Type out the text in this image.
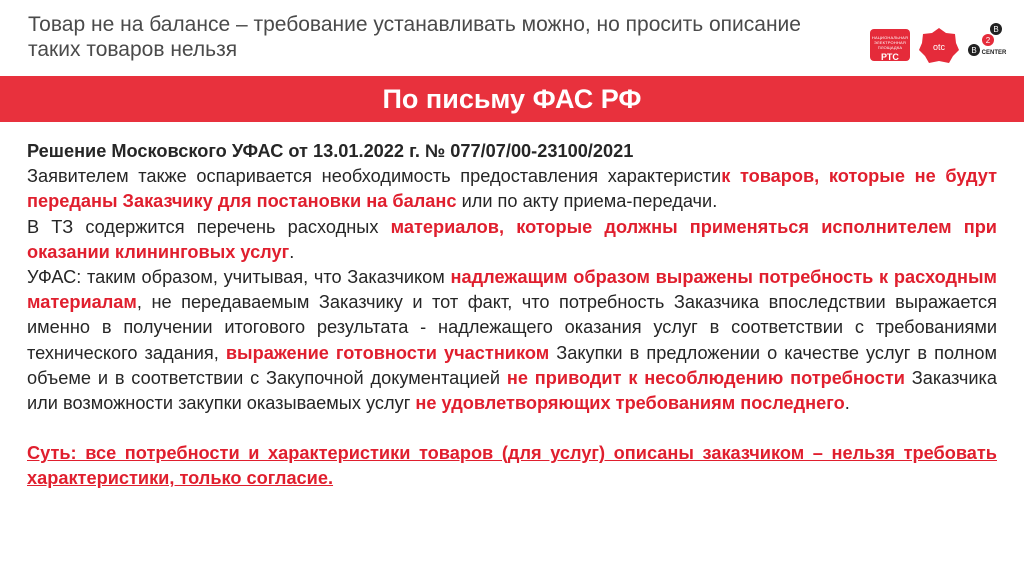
Товар не на балансе – требование устанавливать можно, но просить описание таких товаров нельзя
НАЦИОНАЛЬНАЯ ЭЛЕКТРОННАЯ ПЛОЩАДКА
РТС
otc
B
2
B CENTER
По письму ФАС РФ

Решение Московского УФАС от 13.01.2022 г. № 077/07/00-23100/2021

Заявителем также оспаривается необходимость предоставления характеристик товаров, которые не будут переданы Заказчику для постановки на баланс или по акту приема-передачи.

В ТЗ содержится перечень расходных материалов, которые должны применяться исполнителем при оказании клининговых услуг.

УФАС: таким образом, учитывая, что Заказчиком надлежащим образом выражены потребность к расходным материалам, не передаваемым Заказчику и тот факт, что потребность Заказчика впоследствии выражается именно в получении итогового результата - надлежащего оказания услуг в соответствии с требованиями технического задания, выражение готовности участником Закупки в предложении о качестве услуг в полном объеме и в соответствии с Закупочной документацией не приводит к несоблюдению потребности Заказчика или возможности закупки оказываемых услуг не удовлетворяющих требованиям последнего.

Суть: все потребности и характеристики товаров (для услуг) описаны заказчиком – нельзя требовать характеристики, только согласие.
